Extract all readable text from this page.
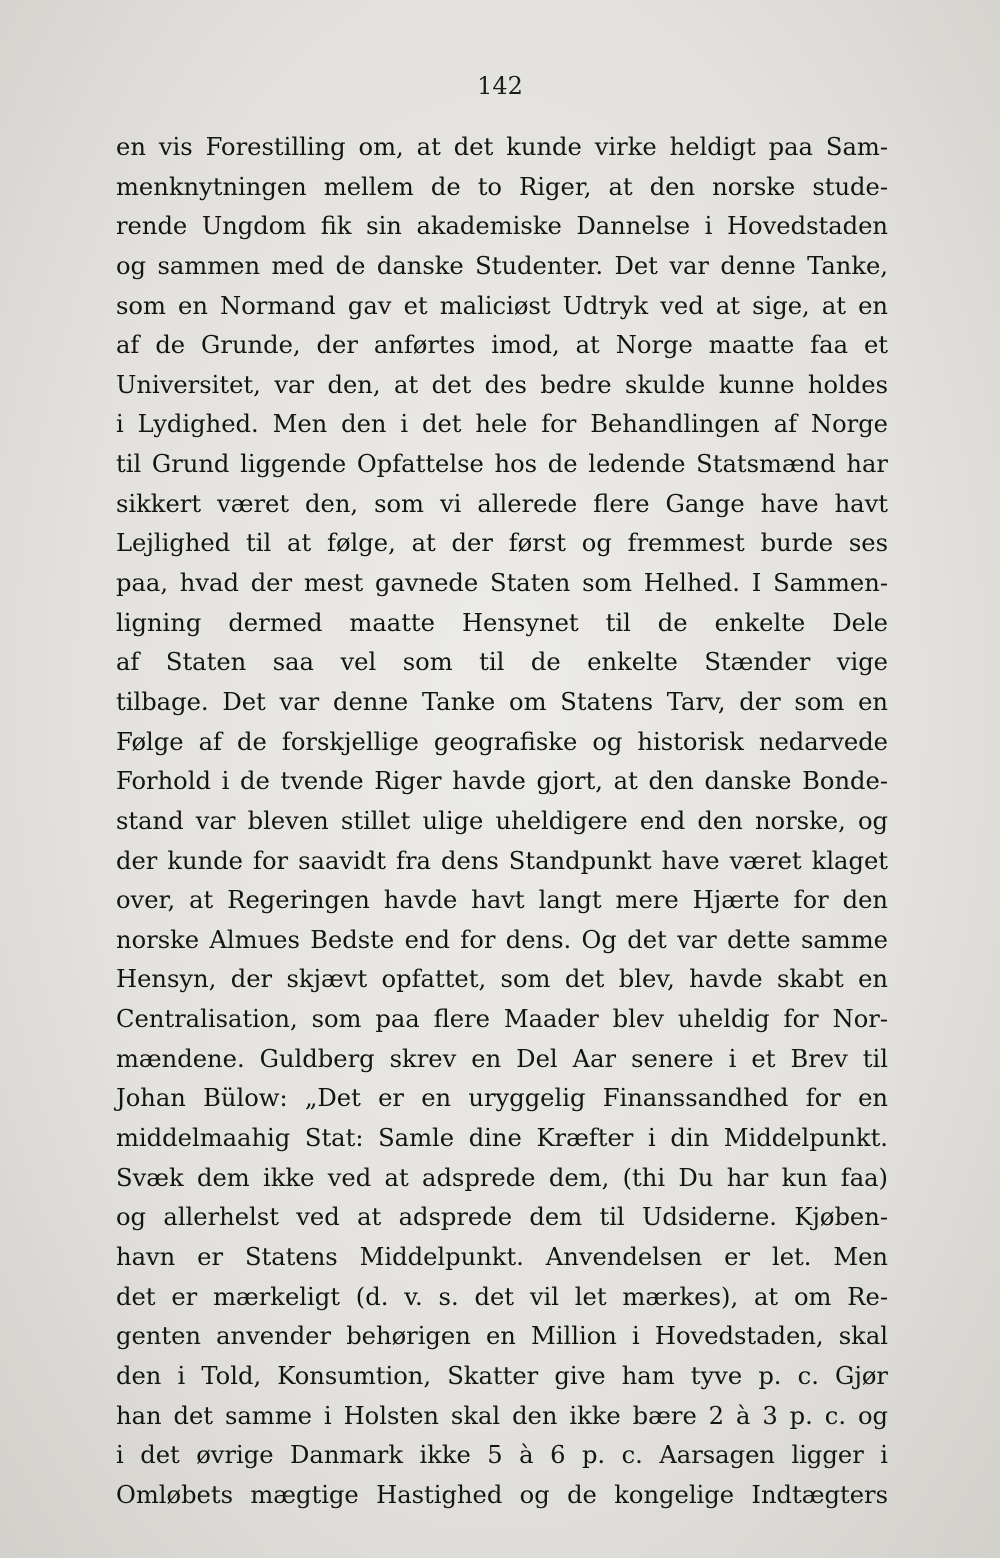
142
en vis Forestilling om, at det kunde virke heldigt paa Sam-
menknytningen mellem de to Riger, at den norske stude-
rende Ungdom fik sin akademiske Dannelse i Hovedstaden
og sammen med de danske Studenter. Det var denne Tanke,
som en Normand gav et maliciøst Udtryk ved at sige, at en
af de Grunde, der anførtes imod, at Norge maatte faa et
Universitet, var den, at det des bedre skulde kunne holdes
i Lydighed. Men den i det hele for Behandlingen af Norge
til Grund liggende Opfattelse hos de ledende Statsmænd har
sikkert været den, som vi allerede flere Gange have havt
Lejlighed til at følge, at der først og fremmest burde ses
paa, hvad der mest gavnede Staten som Helhed. I Sammen-
ligning dermed maatte Hensynet til de enkelte Dele
af Staten saa vel som til de enkelte Stænder vige
tilbage. Det var denne Tanke om Statens Tarv, der som en
Følge af de forskjellige geografiske og historisk nedarvede
Forhold i de tvende Riger havde gjort, at den danske Bonde-
stand var bleven stillet ulige uheldigere end den norske, og
der kunde for saavidt fra dens Standpunkt have været klaget
over, at Regeringen havde havt langt mere Hjærte for den
norske Almues Bedste end for dens. Og det var dette samme
Hensyn, der skjævt opfattet, som det blev, havde skabt en
Centralisation, som paa flere Maader blev uheldig for Nor-
mændene. Guldberg skrev en Del Aar senere i et Brev til
Johan Bülow: „Det er en uryggelig Finanssandhed for en
middelmaahig Stat: Samle dine Kræfter i din Middelpunkt.
Svæk dem ikke ved at adsprede dem, (thi Du har kun faa)
og allerhelst ved at adsprede dem til Udsiderne. Kjøben-
havn er Statens Middelpunkt. Anvendelsen er let. Men
det er mærkeligt (d. v. s. det vil let mærkes), at om Re-
genten anvender behørigen en Million i Hovedstaden, skal
den i Told, Konsumtion, Skatter give ham tyve p. c. Gjør
han det samme i Holsten skal den ikke bære 2 à 3 p. c. og
i det øvrige Danmark ikke 5 à 6 p. c. Aarsagen ligger i
Omløbets mægtige Hastighed og de kongelige Indtægters
